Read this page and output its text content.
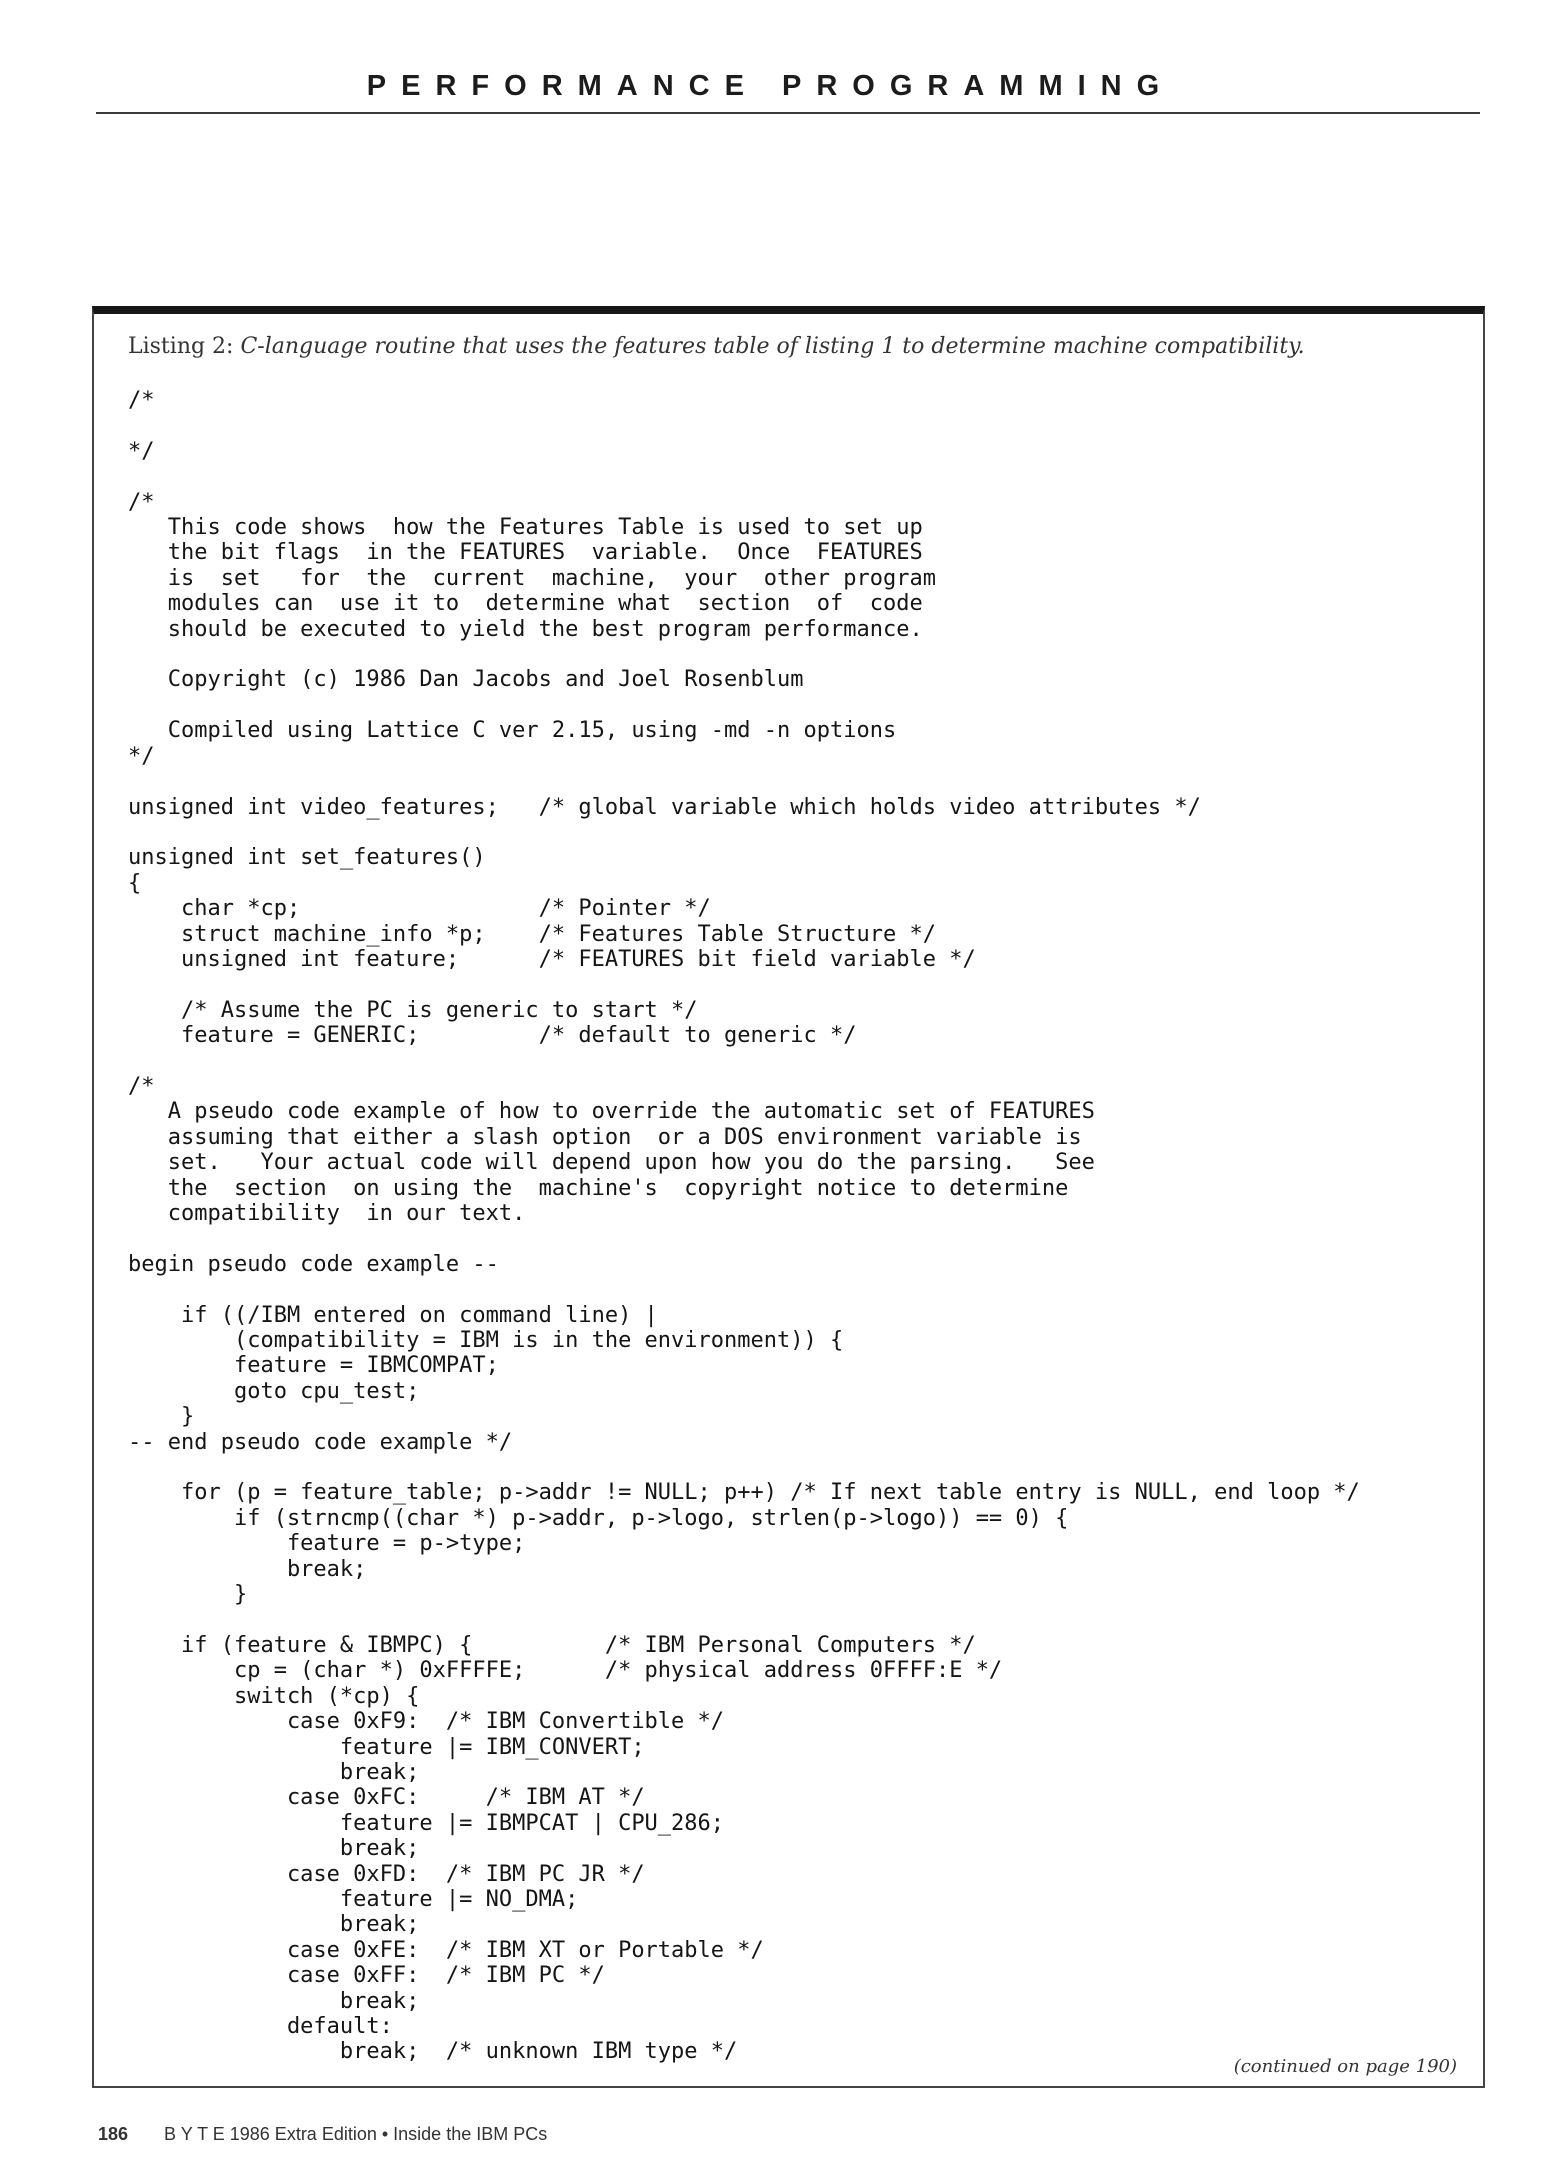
PERFORMANCE PROGRAMMING

Listing 2: C-language routine that uses the features table of listing 1 to determine machine compatibility.

/*

*/

/*
This code shows  how the Features Table is used to set up
the bit flags  in the FEATURES  variable.  Once  FEATURES
is  set   for  the  current  machine,  your  other program
modules can  use it to  determine what  section  of  code
should be executed to yield the best program performance.

Copyright (c) 1986 Dan Jacobs and Joel Rosenblum

Compiled using Lattice C ver 2.15, using -md -n options
*/

unsigned int video_features;   /* global variable which holds video attributes */

unsigned int set_features()
{
char *cp;                  /* Pointer */
struct machine_info *p;    /* Features Table Structure */
unsigned int feature;      /* FEATURES bit field variable */

/* Assume the PC is generic to start */
feature = GENERIC;         /* default to generic */

/*
A pseudo code example of how to override the automatic set of FEATURES
assuming that either a slash option  or a DOS environment variable is
set.   Your actual code will depend upon how you do the parsing.   See
the  section  on using the  machine's  copyright notice to determine
compatibility  in our text.

begin pseudo code example --

if ((/IBM entered on command line) |
(compatibility = IBM is in the environment)) {
feature = IBMCOMPAT;
goto cpu_test;
}
-- end pseudo code example */

for (p = feature_table; p->addr != NULL; p++) /* If next table entry is NULL, end loop */
if (strncmp((char *) p->addr, p->logo, strlen(p->logo)) == 0) {
feature = p->type;
break;
}

if (feature & IBMPC) {          /* IBM Personal Computers */
cp = (char *) 0xFFFFE;      /* physical address 0FFFF:E */
switch (*cp) {
case 0xF9:  /* IBM Convertible */
feature |= IBM_CONVERT;
break;
case 0xFC:     /* IBM AT */
feature |= IBMPCAT | CPU_286;
break;
case 0xFD:  /* IBM PC JR */
feature |= NO_DMA;
break;
case 0xFE:  /* IBM XT or Portable */
case 0xFF:  /* IBM PC */
break;
default:
break;  /* unknown IBM type */

(continued on page 190)

186 B Y T E 1986 Extra Edition • Inside the IBM PCs
